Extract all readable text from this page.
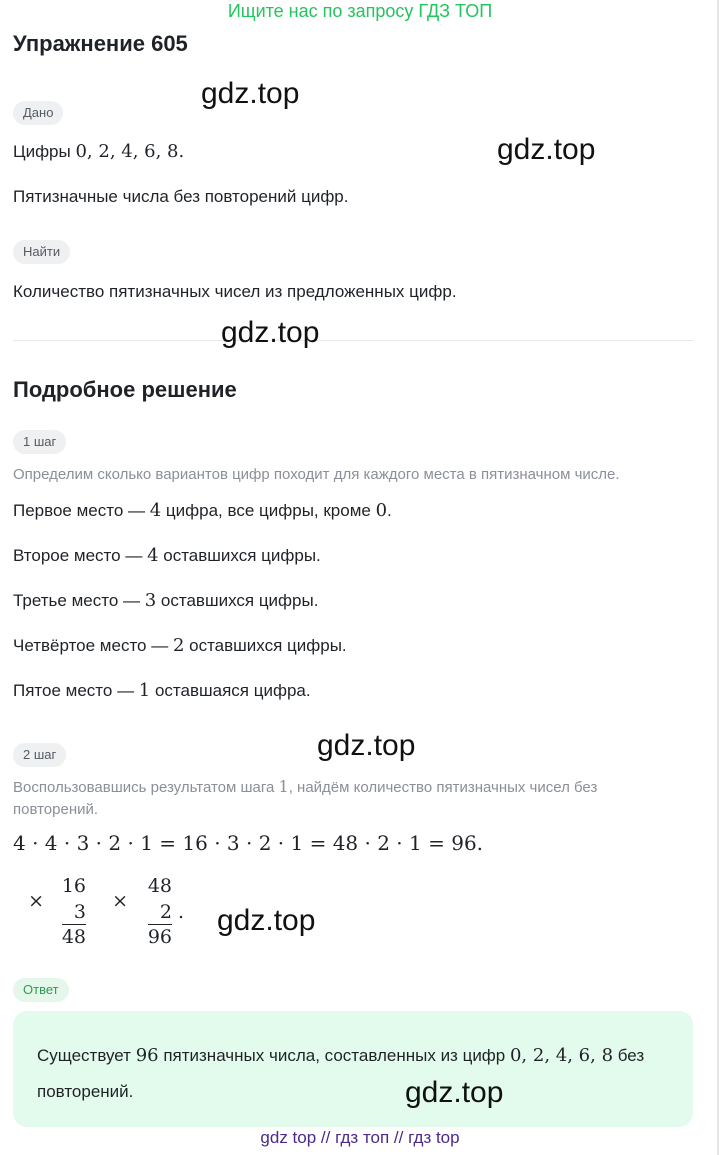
Ищите нас по запросу ГДЗ ТОП
Упражнение 605
Дано
Цифры 0, 2, 4, 6, 8.
Пятизначные числа без повторений цифр.
Найти
Количество пятизначных чисел из предложенных цифр.
Подробное решение
1 шаг
Определим сколько вариантов цифр походит для каждого места в пятизначном числе.
Первое место — 4 цифра, все цифры, кроме 0.
Второе место — 4 оставшихся цифры.
Третье место — 3 оставшихся цифры.
Четвёртое место — 2 оставшихся цифры.
Пятое место — 1 оставшаяся цифра.
2 шаг
Воспользовавшись результатом шага 1, найдём количество пятизначных чисел без повторений.
4 · 4 · 3 · 2 · 1 = 16 · 3 · 2 · 1 = 48 · 2 · 1 = 96.
×
16
3
48
×
48
2
96
.
Ответ
Существует 96 пятизначных числа, составленных из цифр 0, 2, 4, 6, 8 без повторений.
gdz.top
gdz.top
gdz.top
gdz.top
gdz.top
gdz.top
gdz top // гдз топ // гдз top
